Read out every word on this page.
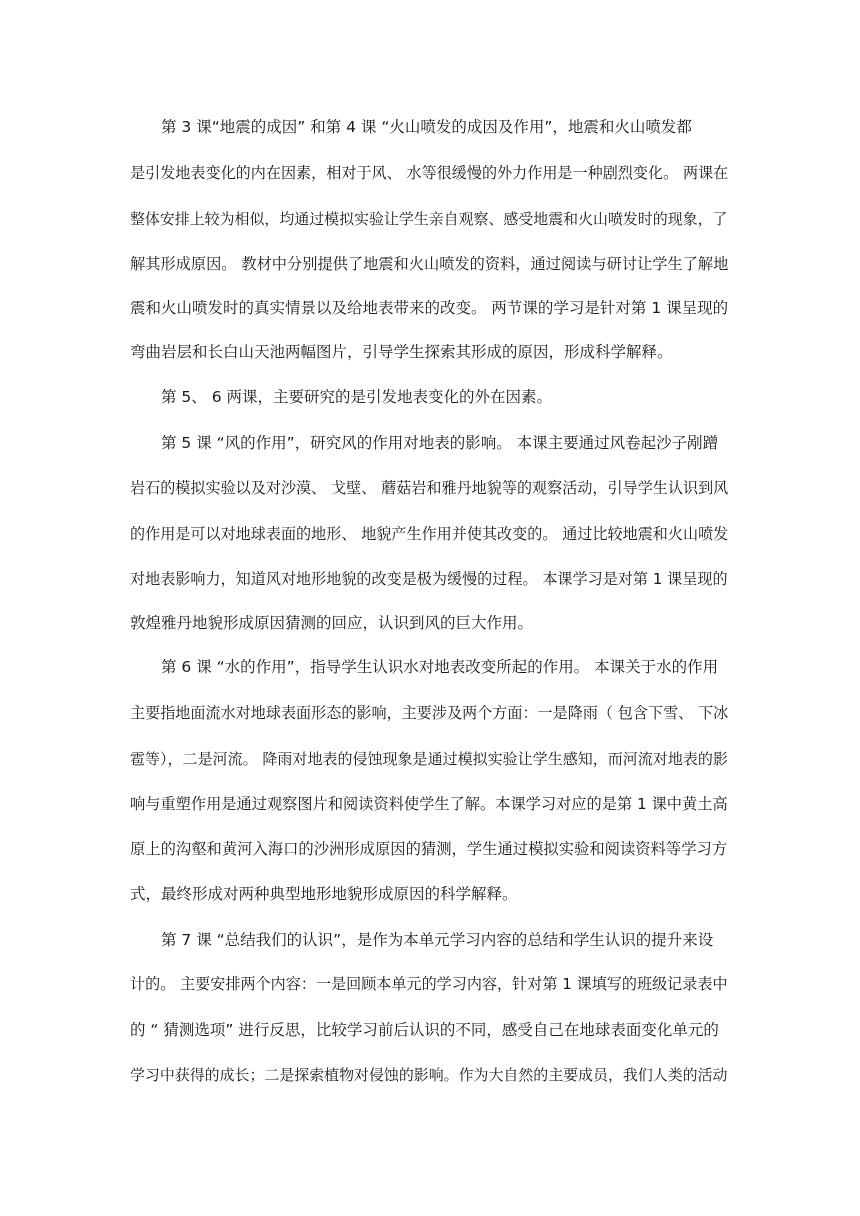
第 3 课“地震的成因” 和第 4 课 “火山喷发的成因及作用”，地震和火山喷发都

是引发地表变化的内在因素，相对于风、 水等很缓慢的外力作用是一种剧烈变化。 两课在

整体安排上较为相似，均通过模拟实验让学生亲自观察、感受地震和火山喷发时的现象，了

解其形成原因。 教材中分别提供了地震和火山喷发的资料，通过阅读与研讨让学生了解地

震和火山喷发时的真实情景以及给地表带来的改变。 两节课的学习是针对第 1 课呈现的

弯曲岩层和长白山天池两幅图片，引导学生探索其形成的原因，形成科学解释。

第 5、 6 两课，主要研究的是引发地表变化的外在因素。

第 5 课 “风的作用”，研究风的作用对地表的影响。 本课主要通过风卷起沙子剐蹭

岩石的模拟实验以及对沙漠、 戈壁、 蘑菇岩和雅丹地貌等的观察活动，引导学生认识到风

的作用是可以对地球表面的地形、 地貌产生作用并使其改变的。 通过比较地震和火山喷发

对地表影响力，知道风对地形地貌的改变是极为缓慢的过程。 本课学习是对第 1 课呈现的

敦煌雅丹地貌形成原因猜测的回应，认识到风的巨大作用。

第 6 课 “水的作用”，指导学生认识水对地表改变所起的作用。 本课关于水的作用

主要指地面流水对地球表面形态的影响，主要涉及两个方面：一是降雨（ 包含下雪、 下冰

雹等），二是河流。 降雨对地表的侵蚀现象是通过模拟实验让学生感知，而河流对地表的影

响与重塑作用是通过观察图片和阅读资料使学生了解。本课学习对应的是第 1 课中黄土高

原上的沟壑和黄河入海口的沙洲形成原因的猜测，学生通过模拟实验和阅读资料等学习方

式，最终形成对两种典型地形地貌形成原因的科学解释。

第 7 课 “总结我们的认识”，是作为本单元学习内容的总结和学生认识的提升来设

计的。 主要安排两个内容：一是回顾本单元的学习内容，针对第 1 课填写的班级记录表中

的 “ 猜测选项” 进行反思，比较学习前后认识的不同，感受自己在地球表面变化单元的

学习中获得的成长；二是探索植物对侵蚀的影响。作为大自然的主要成员，我们人类的活动
